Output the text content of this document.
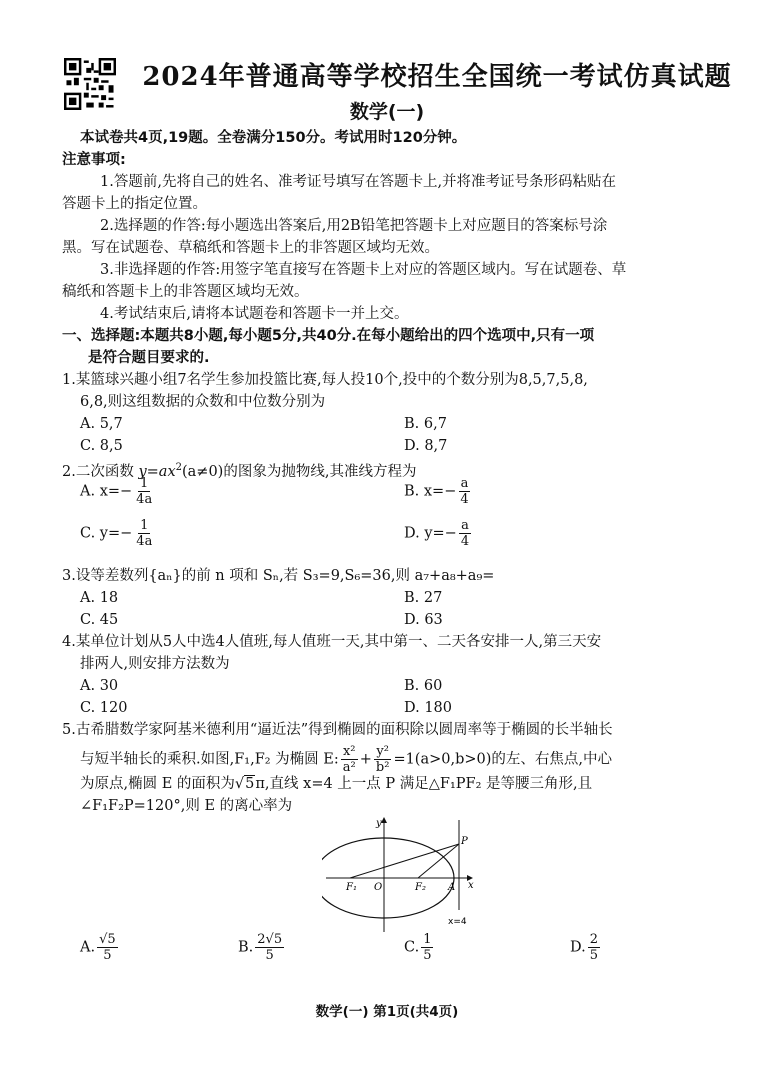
2024年普通高等学校招生全国统一考试仿真试题
数学(一)
本试卷共4页,19题。全卷满分150分。考试用时120分钟。
注意事项:
1.答题前,先将自己的姓名、准考证号填写在答题卡上,并将准考证号条形码粘贴在
答题卡上的指定位置。
2.选择题的作答:每小题选出答案后,用2B铅笔把答题卡上对应题目的答案标号涂
黑。写在试题卷、草稿纸和答题卡上的非答题区域均无效。
3.非选择题的作答:用签字笔直接写在答题卡上对应的答题区域内。写在试题卷、草
稿纸和答题卡上的非答题区域均无效。
4.考试结束后,请将本试题卷和答题卡一并上交。
一、选择题:本题共8小题,每小题5分,共40分.在每小题给出的四个选项中,只有一项
是符合题目要求的.
1.某篮球兴趣小组7名学生参加投篮比赛,每人投10个,投中的个数分别为8,5,7,5,8,
6,8,则这组数据的众数和中位数分别为
A. 5,7	B. 6,7
C. 8,5	D. 8,7
2.二次函数 $y=ax^2(a\ne 0)$的图象为抛物线,其准线方程为
A. $x=- \frac{1}{4a}$	B. $x=- \frac{a}{4}$
C. $y=- \frac{1}{4a}$	D. $y=- \frac{a}{4}$
3.设等差数列{aₙ}的前 n 项和 Sₙ,若 S₃=9,S₆=36,则 a₇+a₈+a₉=
A. 18	B. 27
C. 45	D. 63
4.某单位计划从5人中选4人值班,每人值班一天,其中第一、二天各安排一人,第三天安
排两人,则安排方法数为
A. 30	B. 60
C. 120	D. 180
5.古希腊数学家阿基米德利用“逼近法”得到椭圆的面积除以圆周率等于椭圆的长半轴长
与短半轴长的乘积.如图,F₁,F₂ 为椭圆 E: $\frac{\text{x²}}{\text{a²}} + \frac{\text{y²}}{\text{b²}} =1(a>0,b>0)$的左、右焦点,中心
为原点,椭圆 E 的面积为√5π,直线 x=4 上一点 P 满足△F₁PF₂ 是等腰三角形,且
∠F₁F₂P=120°,则 E 的离心率为
y
x
P
F₁ O	F₂ A
x=4
A. $\frac{√5}{5}$	B. $\frac{2√5}{5}$	C. $\frac{1}{5}$	D. $\frac{2}{5}$
数学(一) 第1页(共4页)
